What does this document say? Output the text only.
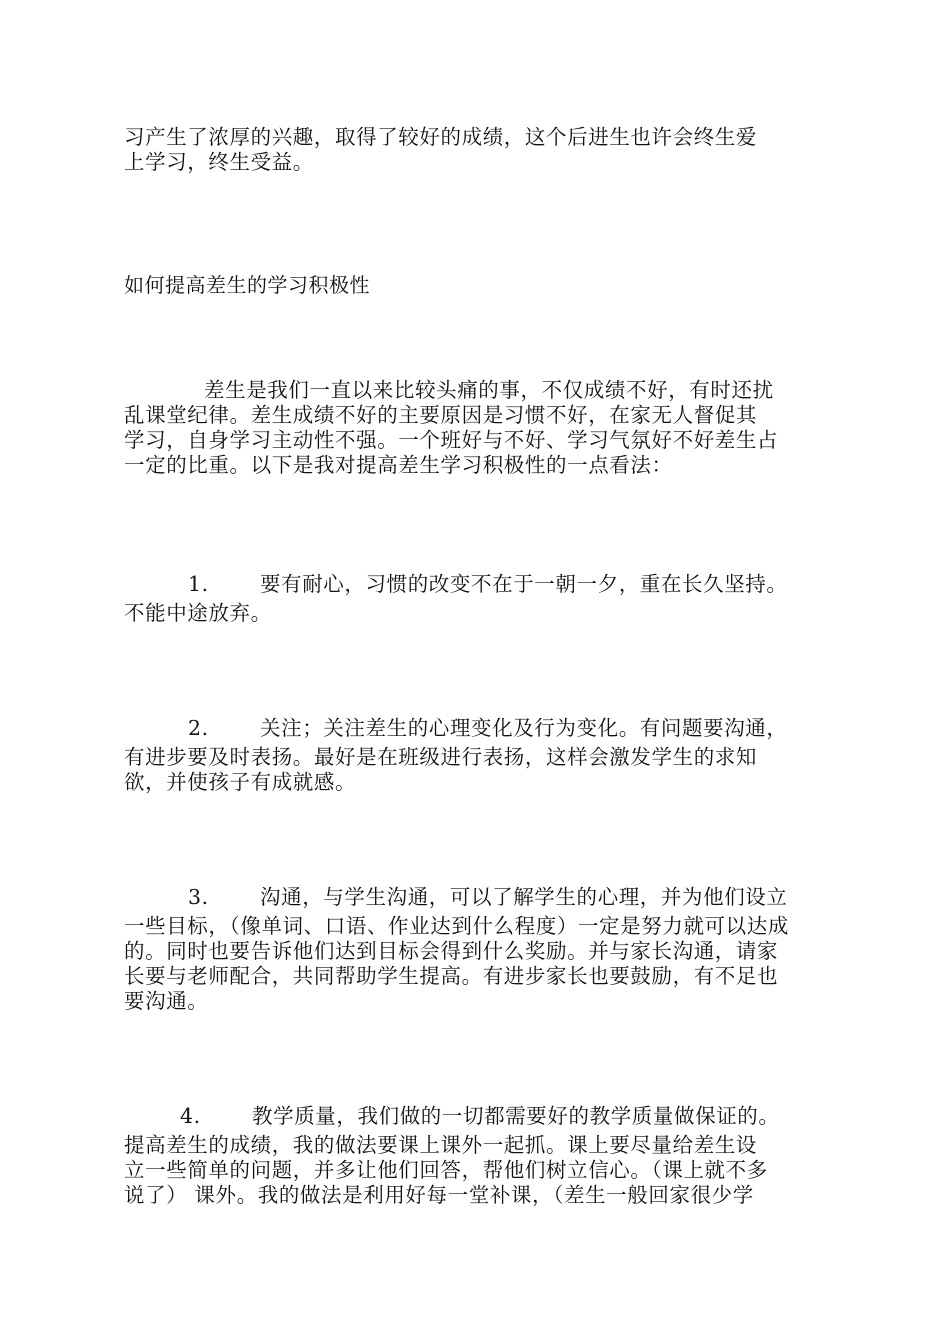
习产生了浓厚的兴趣，取得了较好的成绩，这个后进生也许会终生爱
上学习，终生受益。
如何提高差生的学习积极性
差生是我们一直以来比较头痛的事，不仅成绩不好，有时还扰
乱课堂纪律。差生成绩不好的主要原因是习惯不好，在家无人督促其
学习，自身学习主动性不强。一个班好与不好、学习气氛好不好差生占
一定的比重。以下是我对提高差生学习积极性的一点看法：
1. 要有耐心，习惯的改变不在于一朝一夕，重在长久坚持。
不能中途放弃。
2. 关注；关注差生的心理变化及行为变化。有问题要沟通，
有进步要及时表扬。最好是在班级进行表扬，这样会激发学生的求知
欲，并使孩子有成就感。
3. 沟通，与学生沟通，可以了解学生的心理，并为他们设立
一些目标，（像单词、口语、作业达到什么程度）一定是努力就可以达成
的。同时也要告诉他们达到目标会得到什么奖励。并与家长沟通，请家
长要与老师配合，共同帮助学生提高。有进步家长也要鼓励，有不足也
要沟通。
4. 教学质量，我们做的一切都需要好的教学质量做保证的。
提高差生的成绩，我的做法要课上课外一起抓。课上要尽量给差生设
立一些简单的问题，并多让他们回答，帮他们树立信心。（课上就不多
说了） 课外。我的做法是利用好每一堂补课，（差生一般回家很少学
